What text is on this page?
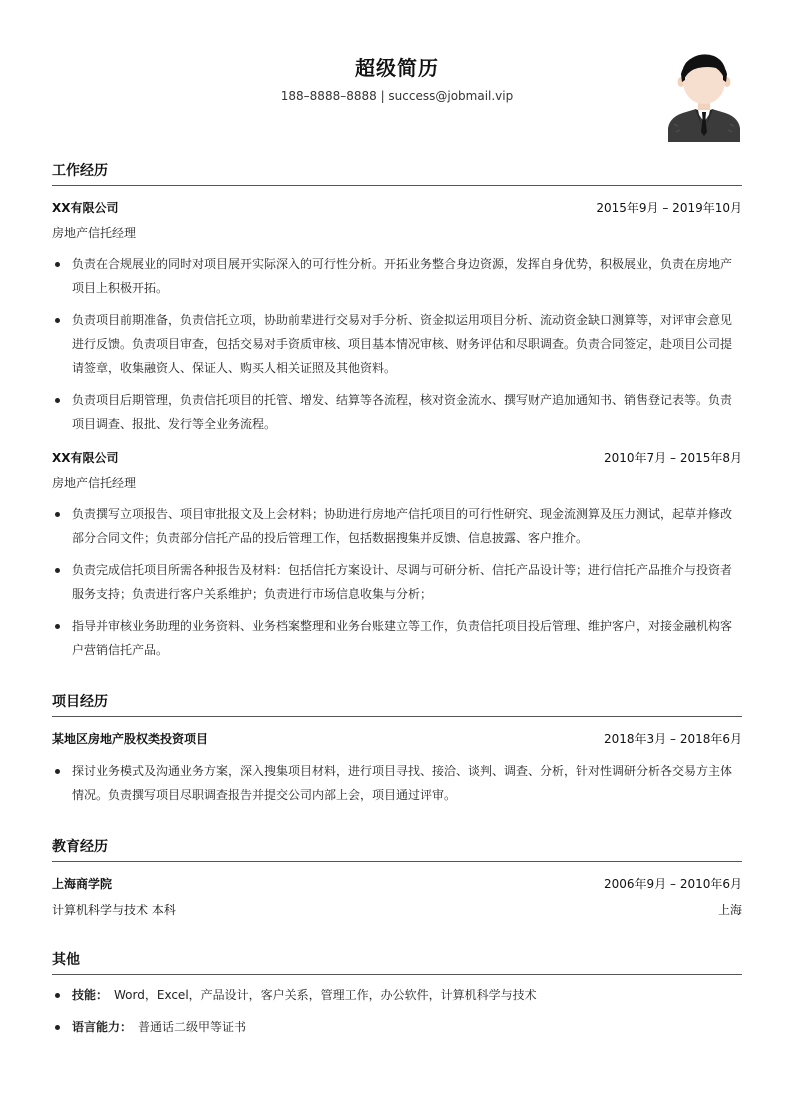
超级简历
188–8888–8888 | success@jobmail.vip
工作经历
XX有限公司	2015年9月 – 2019年10月
房地产信托经理
负责在合规展业的同时对项目展开实际深入的可行性分析。开拓业务整合身边资源，发挥自身优势，积极展业，负责在房地产项目上积极开拓。
负责项目前期准备，负责信托立项，协助前辈进行交易对手分析、资金拟运用项目分析、流动资金缺口测算等，对评审会意见进行反馈。负责项目审查，包括交易对手资质审核、项目基本情况审核、财务评估和尽职调查。负责合同签定，赴项目公司提请签章，收集融资人、保证人、购买人相关证照及其他资料。
负责项目后期管理，负责信托项目的托管、增发、结算等各流程，核对资金流水、撰写财产追加通知书、销售登记表等。负责项目调查、报批、发行等全业务流程。
XX有限公司	2010年7月 – 2015年8月
房地产信托经理
负责撰写立项报告、项目审批报文及上会材料；协助进行房地产信托项目的可行性研究、现金流测算及压力测试，起草并修改部分合同文件；负责部分信托产品的投后管理工作，包括数据搜集并反馈、信息披露、客户推介。
负责完成信托项目所需各种报告及材料：包括信托方案设计、尽调与可研分析、信托产品设计等；进行信托产品推介与投资者服务支持；负责进行客户关系维护；负责进行市场信息收集与分析；
指导并审核业务助理的业务资料、业务档案整理和业务台账建立等工作，负责信托项目投后管理、维护客户，对接金融机构客户营销信托产品。
项目经历
某地区房地产股权类投资项目	2018年3月 – 2018年6月
探讨业务模式及沟通业务方案，深入搜集项目材料，进行项目寻找、接洽、谈判、调查、分析，针对性调研分析各交易方主体情况。负责撰写项目尽职调查报告并提交公司内部上会，项目通过评审。
教育经历
上海商学院	2006年9月 – 2010年6月
计算机科学与技术 本科	上海
其他
技能： Word，Excel，产品设计，客户关系，管理工作，办公软件，计算机科学与技术
语言能力： 普通话二级甲等证书
